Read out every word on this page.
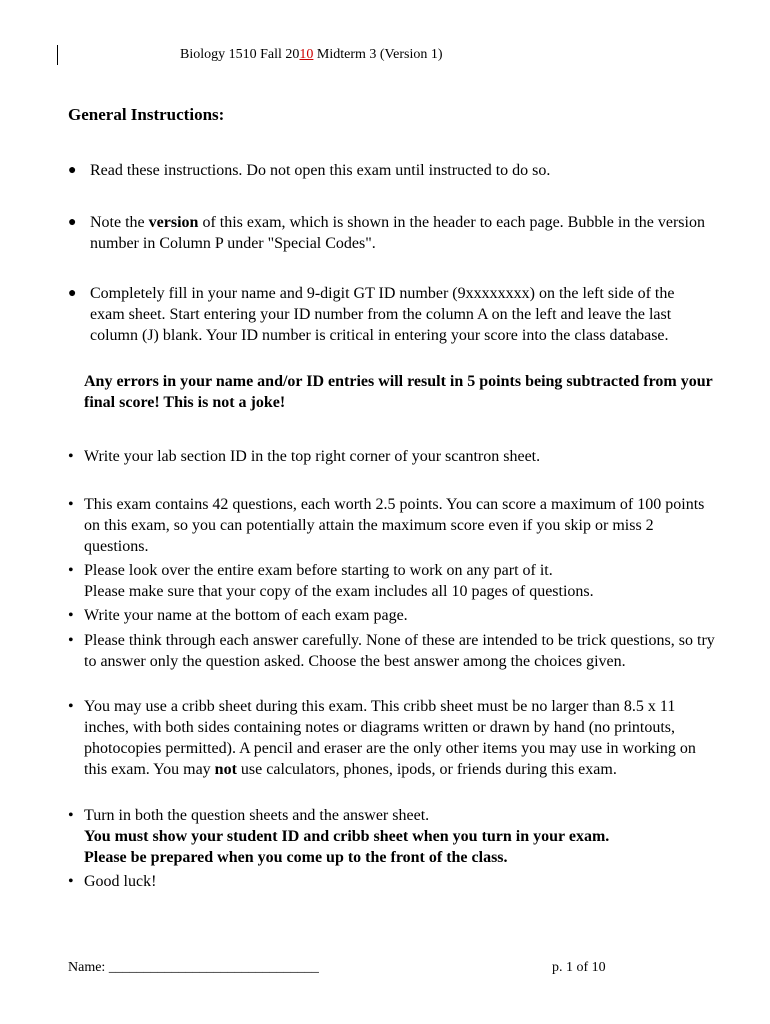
Biology 1510 Fall 2010 Midterm 3 (Version 1)
General Instructions:
● Read these instructions. Do not open this exam until instructed to do so.
● Note the version of this exam, which is shown in the header to each page. Bubble in the version number in Column P under "Special Codes".
● Completely fill in your name and 9-digit GT ID number (9xxxxxxxx) on the left side of the exam sheet. Start entering your ID number from the column A on the left and leave the last column (J) blank. Your ID number is critical in entering your score into the class database.
Any errors in your name and/or ID entries will result in 5 points being subtracted from your final score! This is not a joke!
• Write your lab section ID in the top right corner of your scantron sheet.
• This exam contains 42 questions, each worth 2.5 points. You can score a maximum of 100 points on this exam, so you can potentially attain the maximum score even if you skip or miss 2 questions.
• Please look over the entire exam before starting to work on any part of it.
Please make sure that your copy of the exam includes all 10 pages of questions.
• Write your name at the bottom of each exam page.
• Please think through each answer carefully. None of these are intended to be trick questions, so try to answer only the question asked. Choose the best answer among the choices given.
• You may use a cribb sheet during this exam. This cribb sheet must be no larger than 8.5 x 11 inches, with both sides containing notes or diagrams written or drawn by hand (no printouts, photocopies permitted). A pencil and eraser are the only other items you may use in working on this exam. You may not use calculators, phones, ipods, or friends during this exam.
• Turn in both the question sheets and the answer sheet.
You must show your student ID and cribb sheet when you turn in your exam.
Please be prepared when you come up to the front of the class.
• Good luck!
Name: ______________________________	p. 1 of 10
